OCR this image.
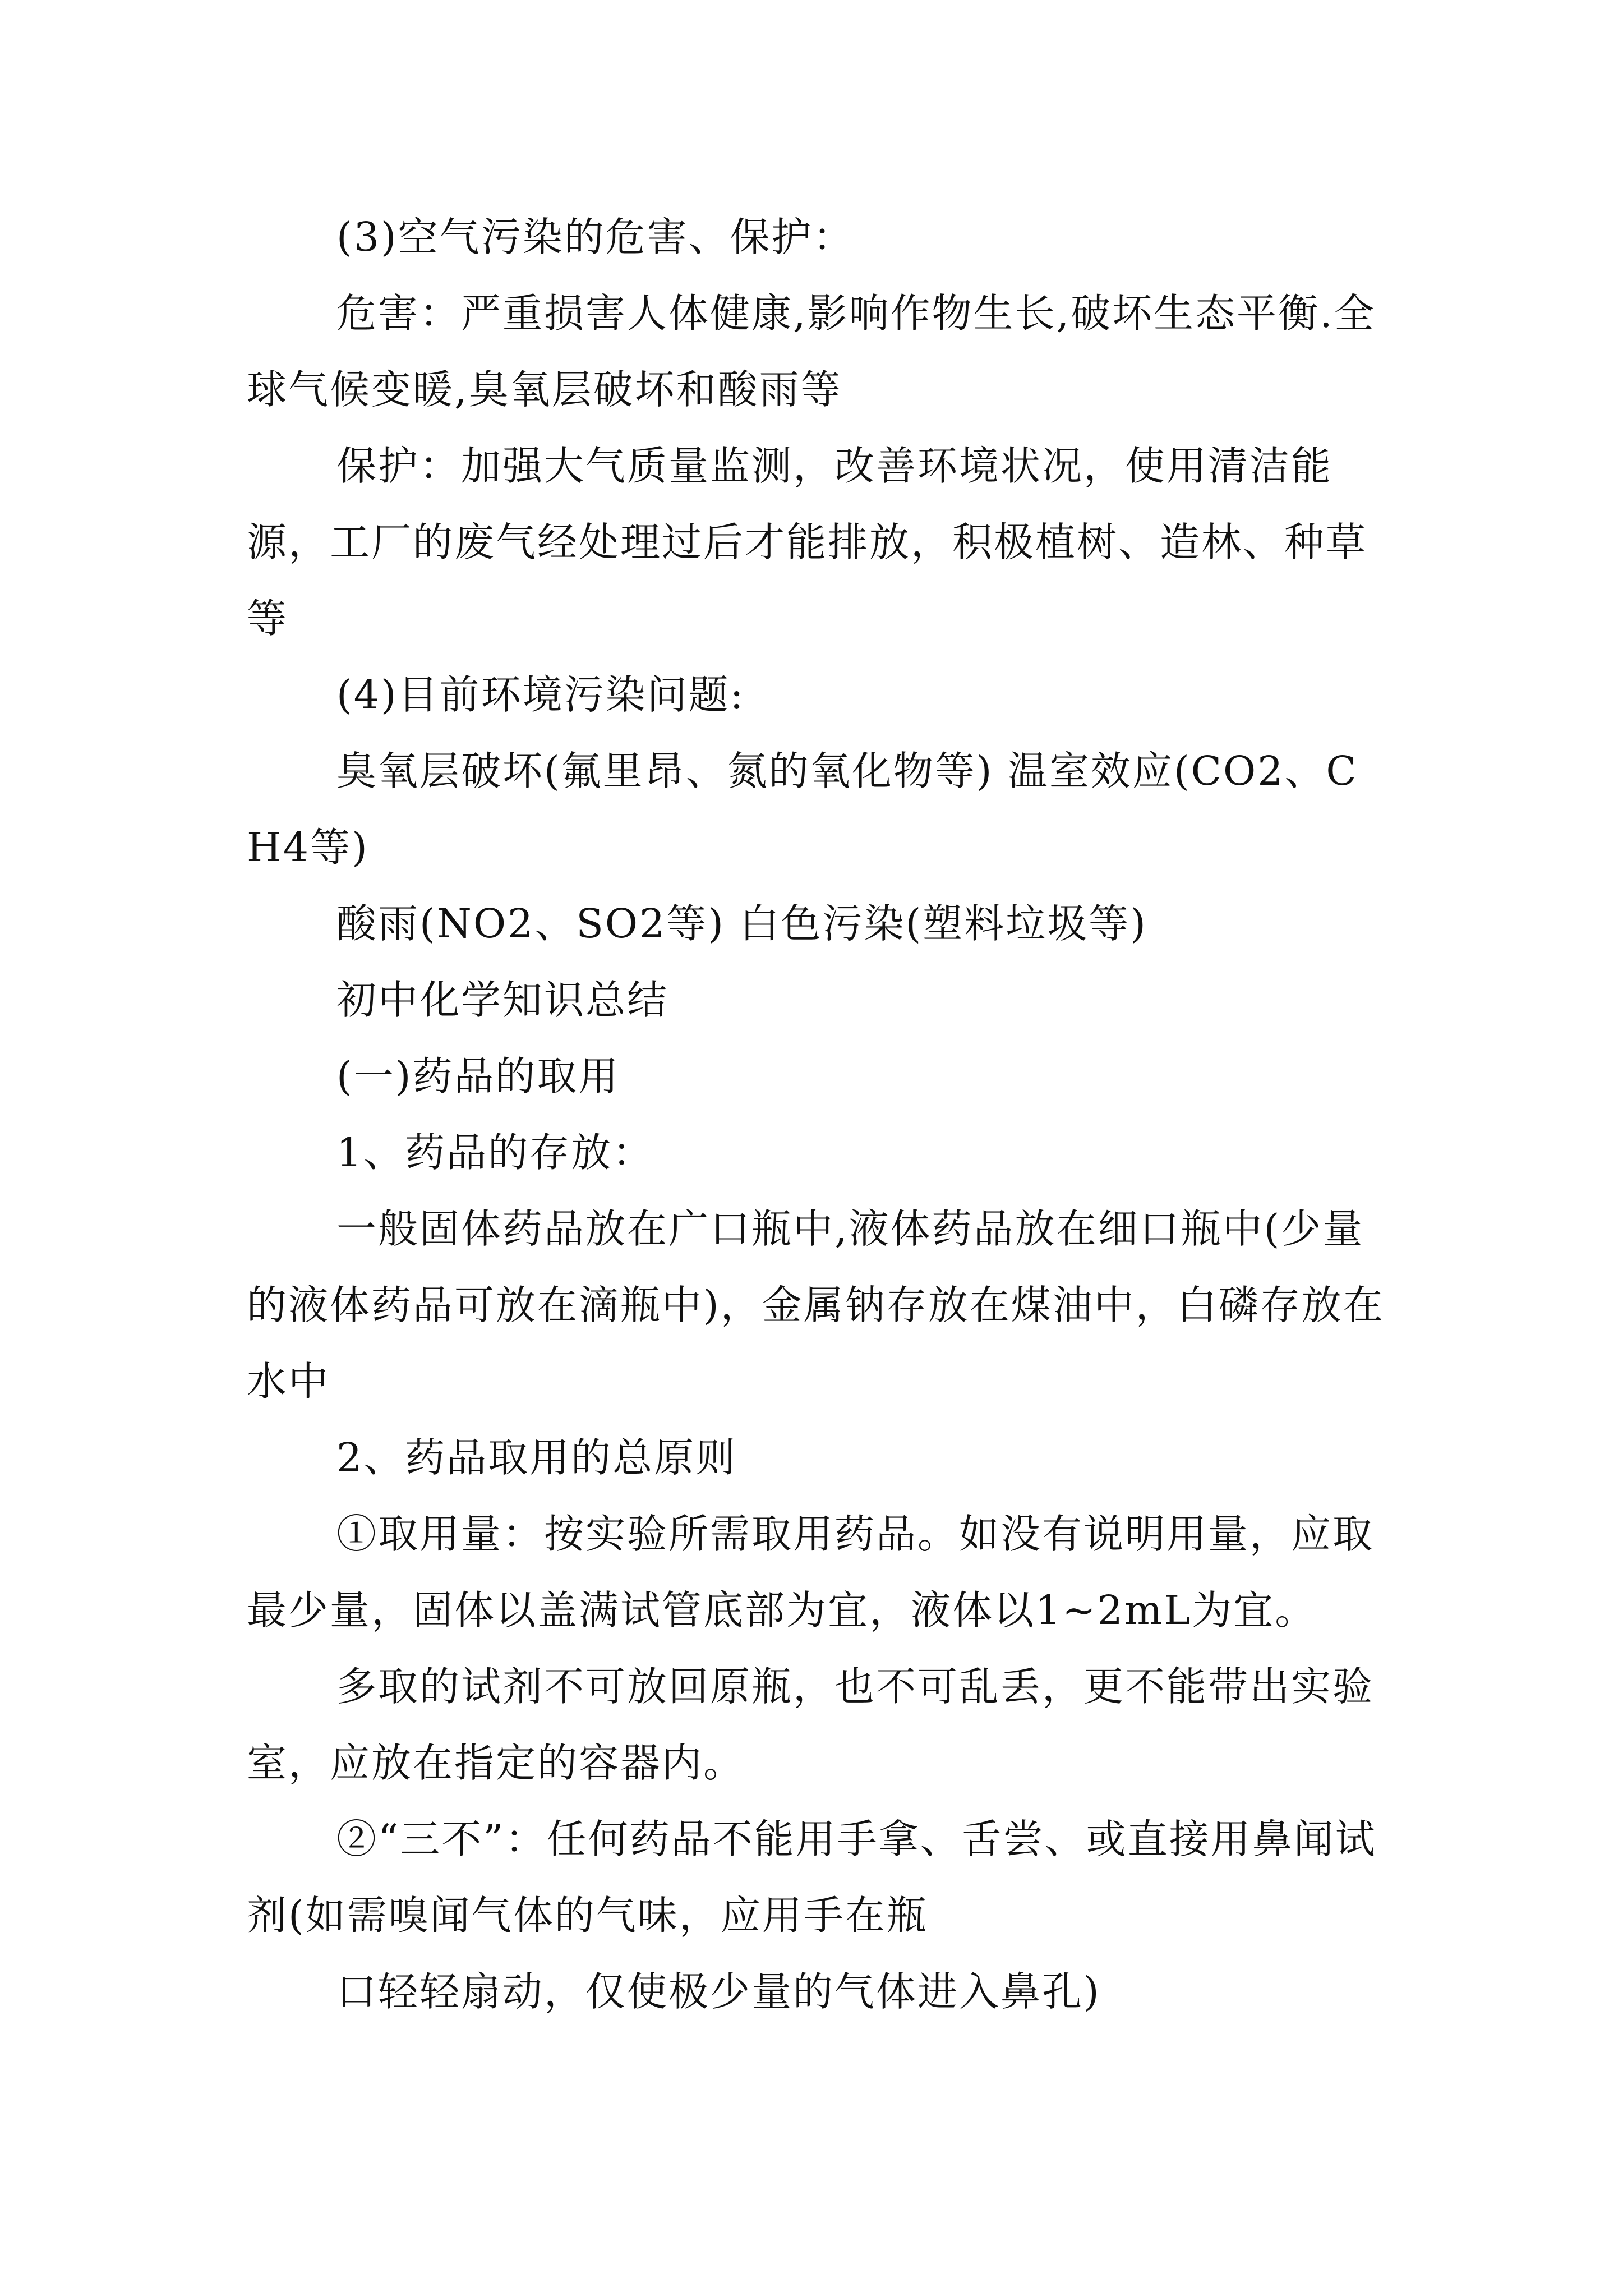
(3)空气污染的危害、保护：

危害：严重损害人体健康,影响作物生长,破坏生态平衡.全球气候变暖,臭氧层破坏和酸雨等

保护：加强大气质量监测，改善环境状况，使用清洁能源，工厂的废气经处理过后才能排放，积极植树、造林、种草等

(4)目前环境污染问题:

臭氧层破坏(氟里昂、氮的氧化物等) 温室效应(CO2、CH4等)

酸雨(NO2、SO2等) 白色污染(塑料垃圾等)

初中化学知识总结

(一)药品的取用

1、药品的存放：

一般固体药品放在广口瓶中,液体药品放在细口瓶中(少量的液体药品可放在滴瓶中)，金属钠存放在煤油中，白磷存放在水中

2、药品取用的总原则

①取用量：按实验所需取用药品。如没有说明用量，应取最少量，固体以盖满试管底部为宜，液体以1~2mL为宜。

多取的试剂不可放回原瓶，也不可乱丢，更不能带出实验室，应放在指定的容器内。

②“三不”：任何药品不能用手拿、舌尝、或直接用鼻闻试剂(如需嗅闻气体的气味，应用手在瓶

口轻轻扇动，仅使极少量的气体进入鼻孔)
